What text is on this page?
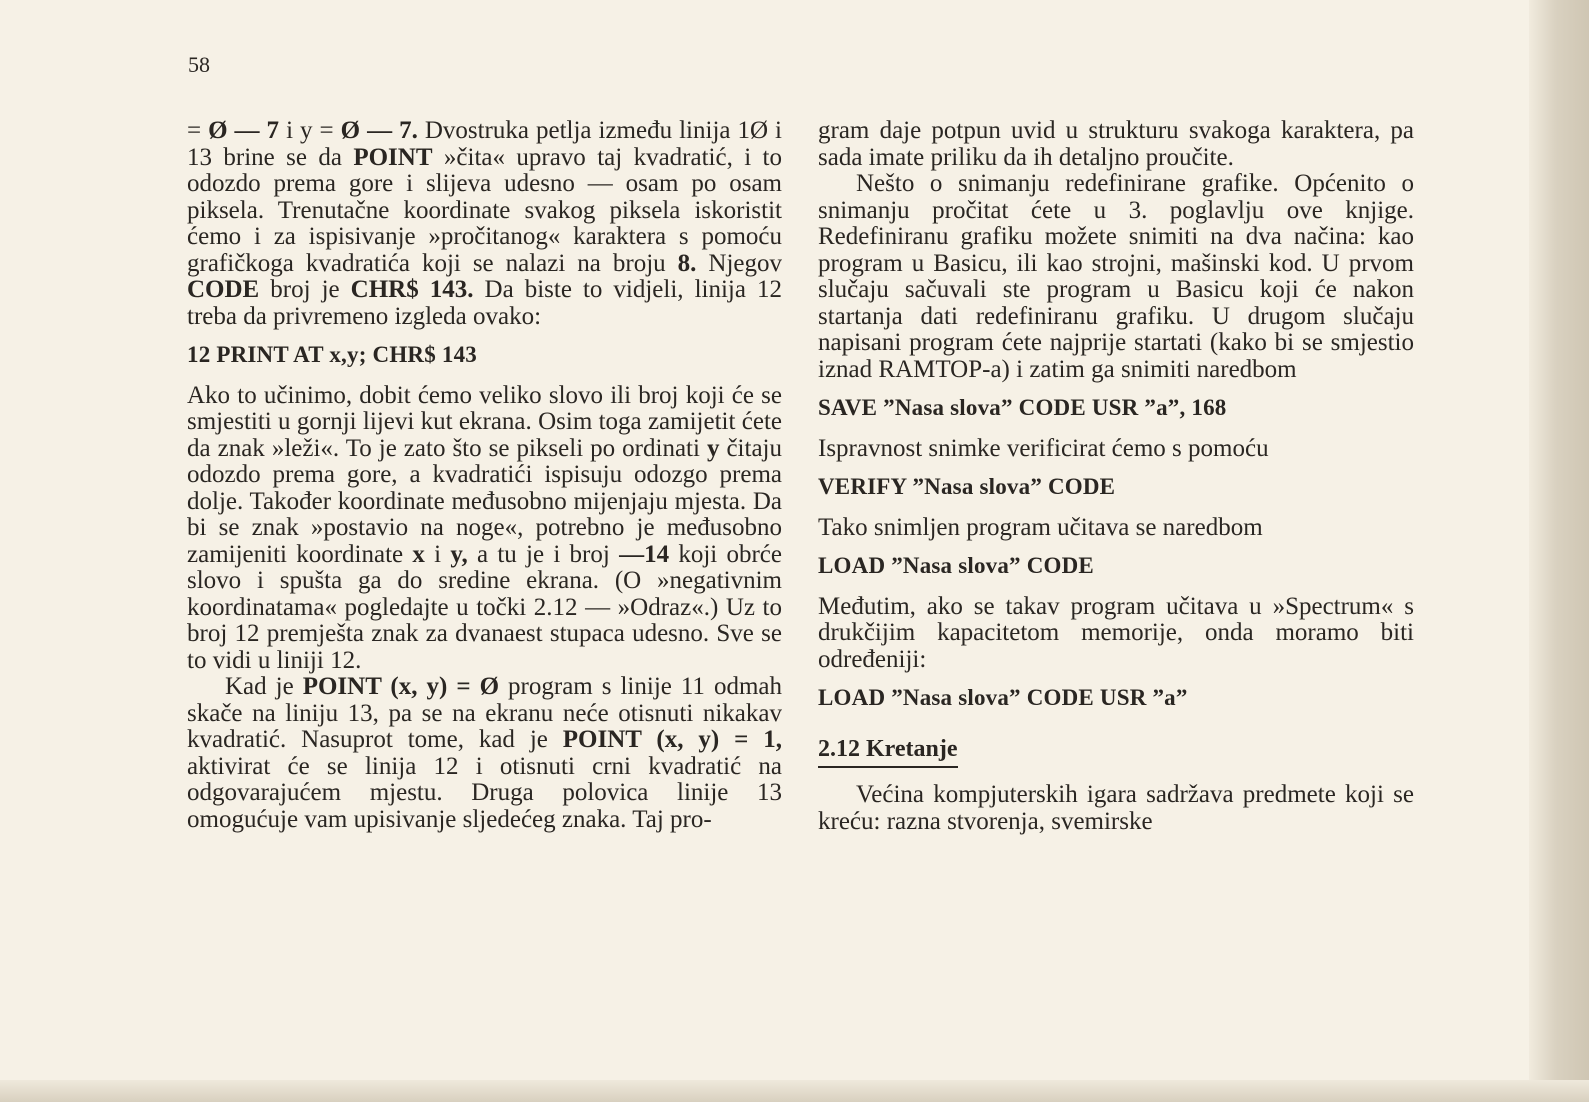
58

= Ø — 7 i y = Ø — 7. Dvostruka petlja između linija 1Ø i 13 brine se da POINT »čita« upravo taj kvadratić, i to odozdo prema gore i slijeva udesno — osam po osam piksela. Trenutačne koordinate svakog piksela iskoristit ćemo i za ispisivanje »pročitanog« karaktera s pomoću grafičkoga kvadratića koji se nalazi na broju 8. Njegov CODE broj je CHR$ 143. Da biste to vidjeli, linija 12 treba da privremeno izgleda ovako:

12 PRINT AT x,y; CHR$ 143

Ako to učinimo, dobit ćemo veliko slovo ili broj koji će se smjestiti u gornji lijevi kut ekrana. Osim toga zamijetit ćete da znak »leži«. To je zato što se pikseli po ordinati y čitaju odozdo prema gore, a kvadratići ispisuju odozgo prema dolje. Također koordinate međusobno mijenjaju mjesta. Da bi se znak »postavio na noge«, potrebno je međusobno zamijeniti koordinate x i y, a tu je i broj —14 koji obrće slovo i spušta ga do sredine ekrana. (O »negativnim koordinatama« pogledajte u točki 2.12 — »Odraz«.) Uz to broj 12 premješta znak za dvanaest stupaca udesno. Sve se to vidi u liniji 12.

Kad je POINT (x, y) = Ø program s linije 11 odmah skače na liniju 13, pa se na ekranu neće otisnuti nikakav kvadratić. Nasuprot tome, kad je POINT (x, y) = 1, aktivirat će se linija 12 i otisnuti crni kvadratić na odgovarajućem mjestu. Druga polovica linije 13 omogućuje vam upisivanje sljedećeg znaka. Taj pro-

gram daje potpun uvid u strukturu svakoga karaktera, pa sada imate priliku da ih detaljno proučite.

Nešto o snimanju redefinirane grafike. Općenito o snimanju pročitat ćete u 3. poglavlju ove knjige. Redefiniranu grafiku možete snimiti na dva načina: kao program u Basicu, ili kao strojni, mašinski kod. U prvom slučaju sačuvali ste program u Basicu koji će nakon startanja dati redefiniranu grafiku. U drugom slučaju napisani program ćete najprije startati (kako bi se smjestio iznad RAMTOP-a) i zatim ga snimiti naredbom

SAVE ”Nasa slova” CODE USR ”a”, 168

Ispravnost snimke verificirat ćemo s pomoću

VERIFY ”Nasa slova” CODE

Tako snimljen program učitava se naredbom

LOAD ”Nasa slova” CODE

Međutim, ako se takav program učitava u »Spectrum« s drukčijim kapacitetom memorije, onda moramo biti određeniji:

LOAD ”Nasa slova” CODE USR ”a”
2.12 Kretanje

Većina kompjuterskih igara sadržava predmete koji se kreću: razna stvorenja, svemirske
